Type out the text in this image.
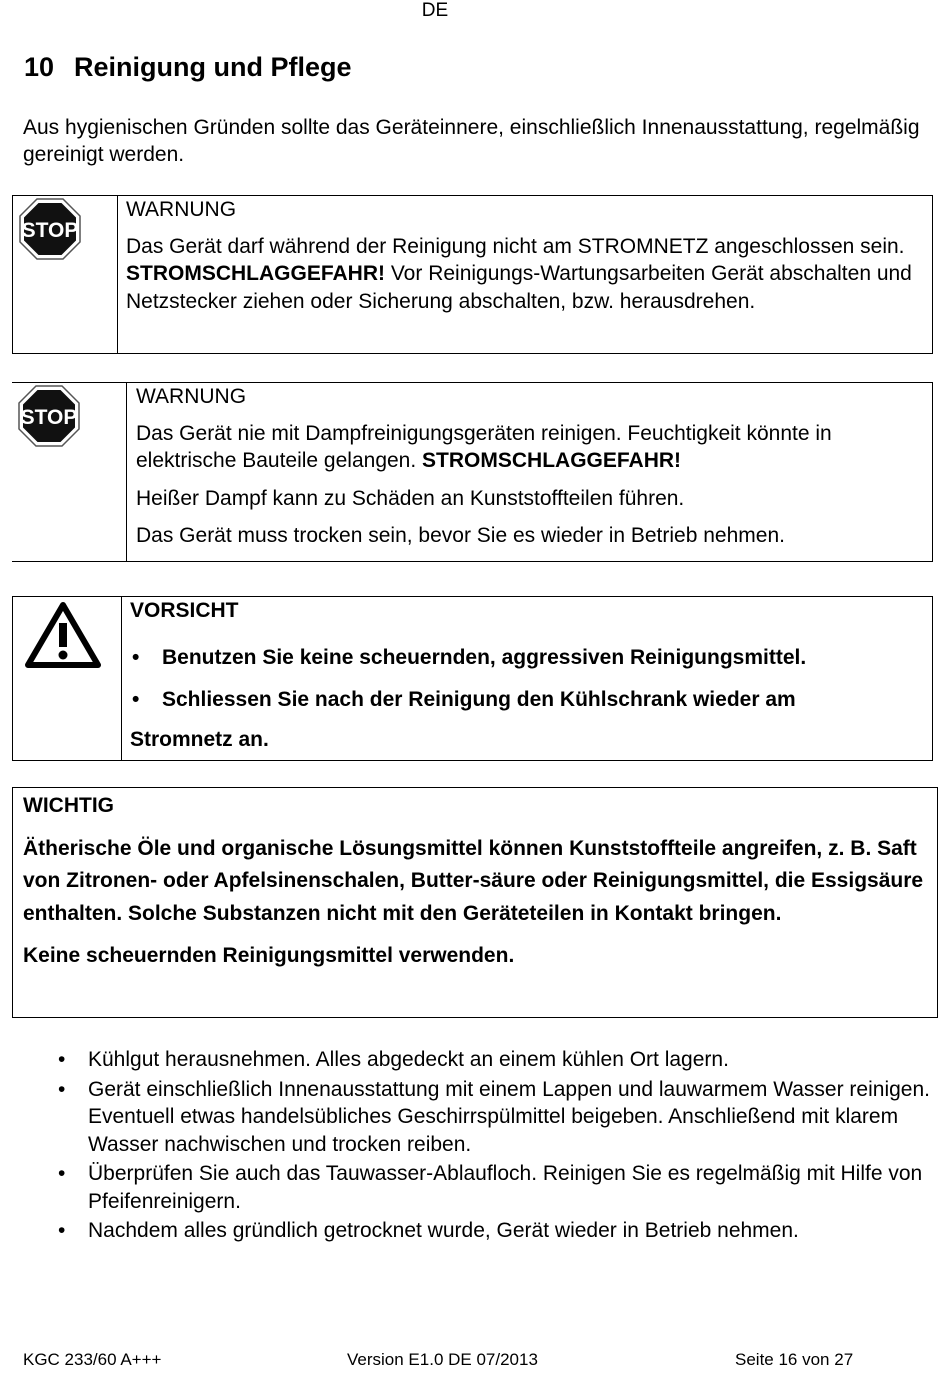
DE
10 Reinigung und Pflege
Aus hygienischen Gründen sollte das Geräteinnere, einschließlich Innenausstattung, regelmäßig gereinigt werden.
STOP
WARNUNG
Das Gerät darf während der Reinigung nicht am STROMNETZ angeschlossen sein. STROMSCHLAGGEFAHR! Vor Reinigungs-Wartungsarbeiten Gerät abschalten und Netzstecker ziehen oder Sicherung abschalten, bzw. herausdrehen.
STOP
WARNUNG
Das Gerät nie mit Dampfreinigungsgeräten reinigen. Feuchtigkeit könnte in elektrische Bauteile gelangen. STROMSCHLAGGEFAHR!
Heißer Dampf kann zu Schäden an Kunststoffteilen führen.
Das Gerät muss trocken sein, bevor Sie es wieder in Betrieb nehmen.
VORSICHT
• Benutzen Sie keine scheuernden, aggressiven Reinigungsmittel.
• Schliessen Sie nach der Reinigung den Kühlschrank wieder am
Stromnetz an.
WICHTIG
Ätherische Öle und organische Lösungsmittel können Kunststoffteile angreifen, z. B. Saft von Zitronen- oder Apfelsinenschalen, Butter-säure oder Reinigungsmittel, die Essigsäure enthalten. Solche Substanzen nicht mit den Geräteteilen in Kontakt bringen.
Keine scheuernden Reinigungsmittel verwenden.
• Kühlgut herausnehmen. Alles abgedeckt an einem kühlen Ort lagern.
• Gerät einschließlich Innenausstattung mit einem Lappen und lauwarmem Wasser reinigen. Eventuell etwas handelsübliches Geschirrspülmittel beigeben. Anschließend mit klarem Wasser nachwischen und trocken reiben.
• Überprüfen Sie auch das Tauwasser-Ablaufloch. Reinigen Sie es regelmäßig mit Hilfe von Pfeifenreinigern.
• Nachdem alles gründlich getrocknet wurde, Gerät wieder in Betrieb nehmen.
KGC 233/60 A+++	Version E1.0 DE 07/2013	Seite 16 von 27
